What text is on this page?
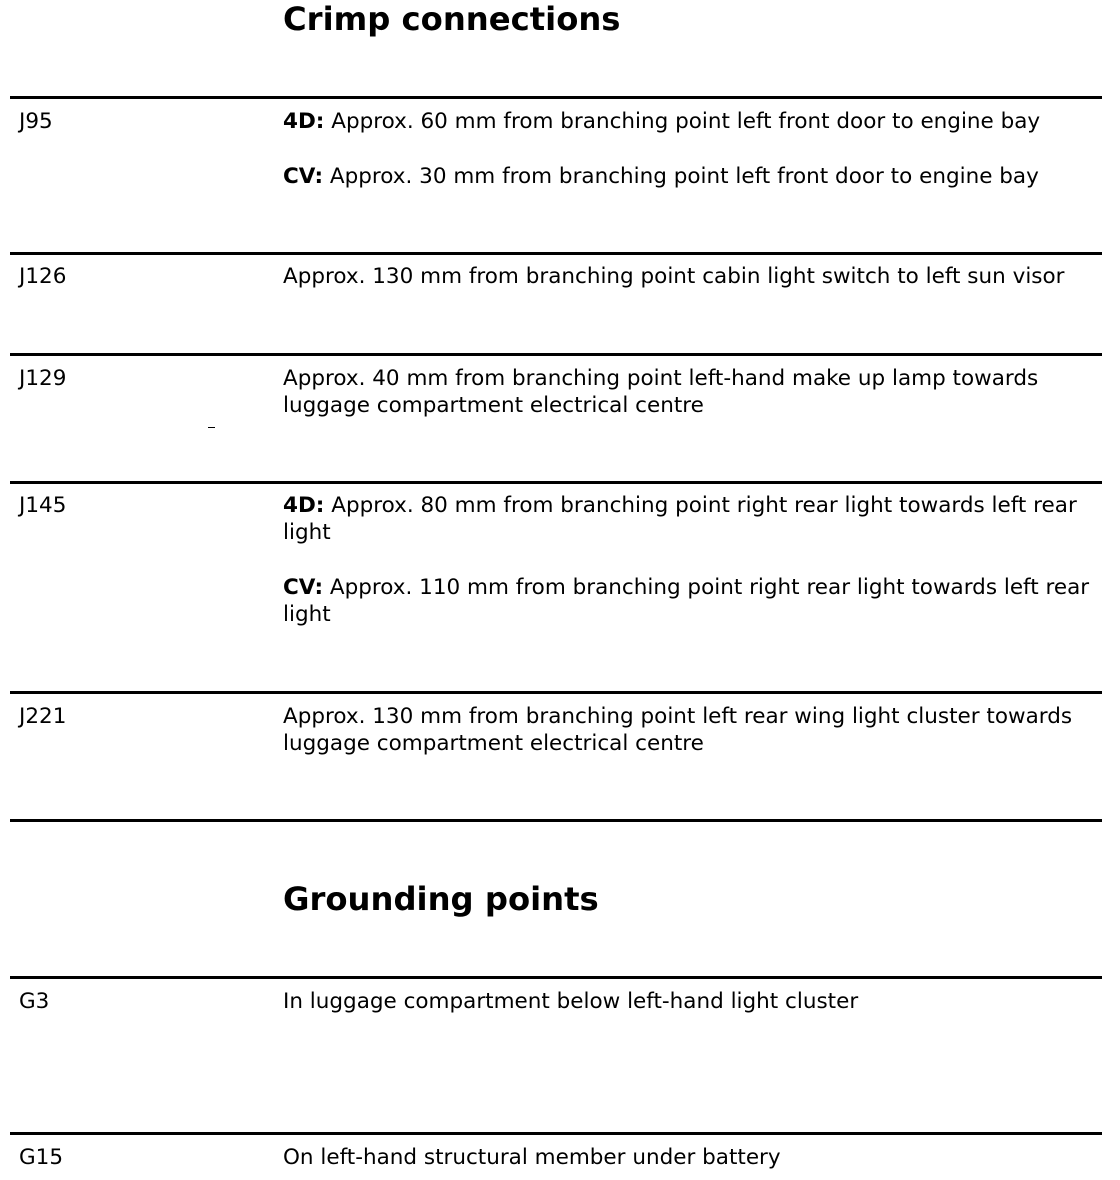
Crimp connections
J95	4D: Approx. 60 mm from branching point left front door to engine bay

CV: Approx. 30 mm from branching point left front door to engine bay

J126	Approx. 130 mm from branching point cabin light switch to left sun visor

J129	Approx. 40 mm from branching point left-hand make up lamp towards luggage compartment electrical centre

J145	4D: Approx. 80 mm from branching point right rear light towards left rear light

CV: Approx. 110 mm from branching point right rear light towards left rear light

J221	Approx. 130 mm from branching point left rear wing light cluster towards luggage compartment electrical centre

Grounding points
G3	In luggage compartment below left-hand light cluster

G15	On left-hand structural member under battery
